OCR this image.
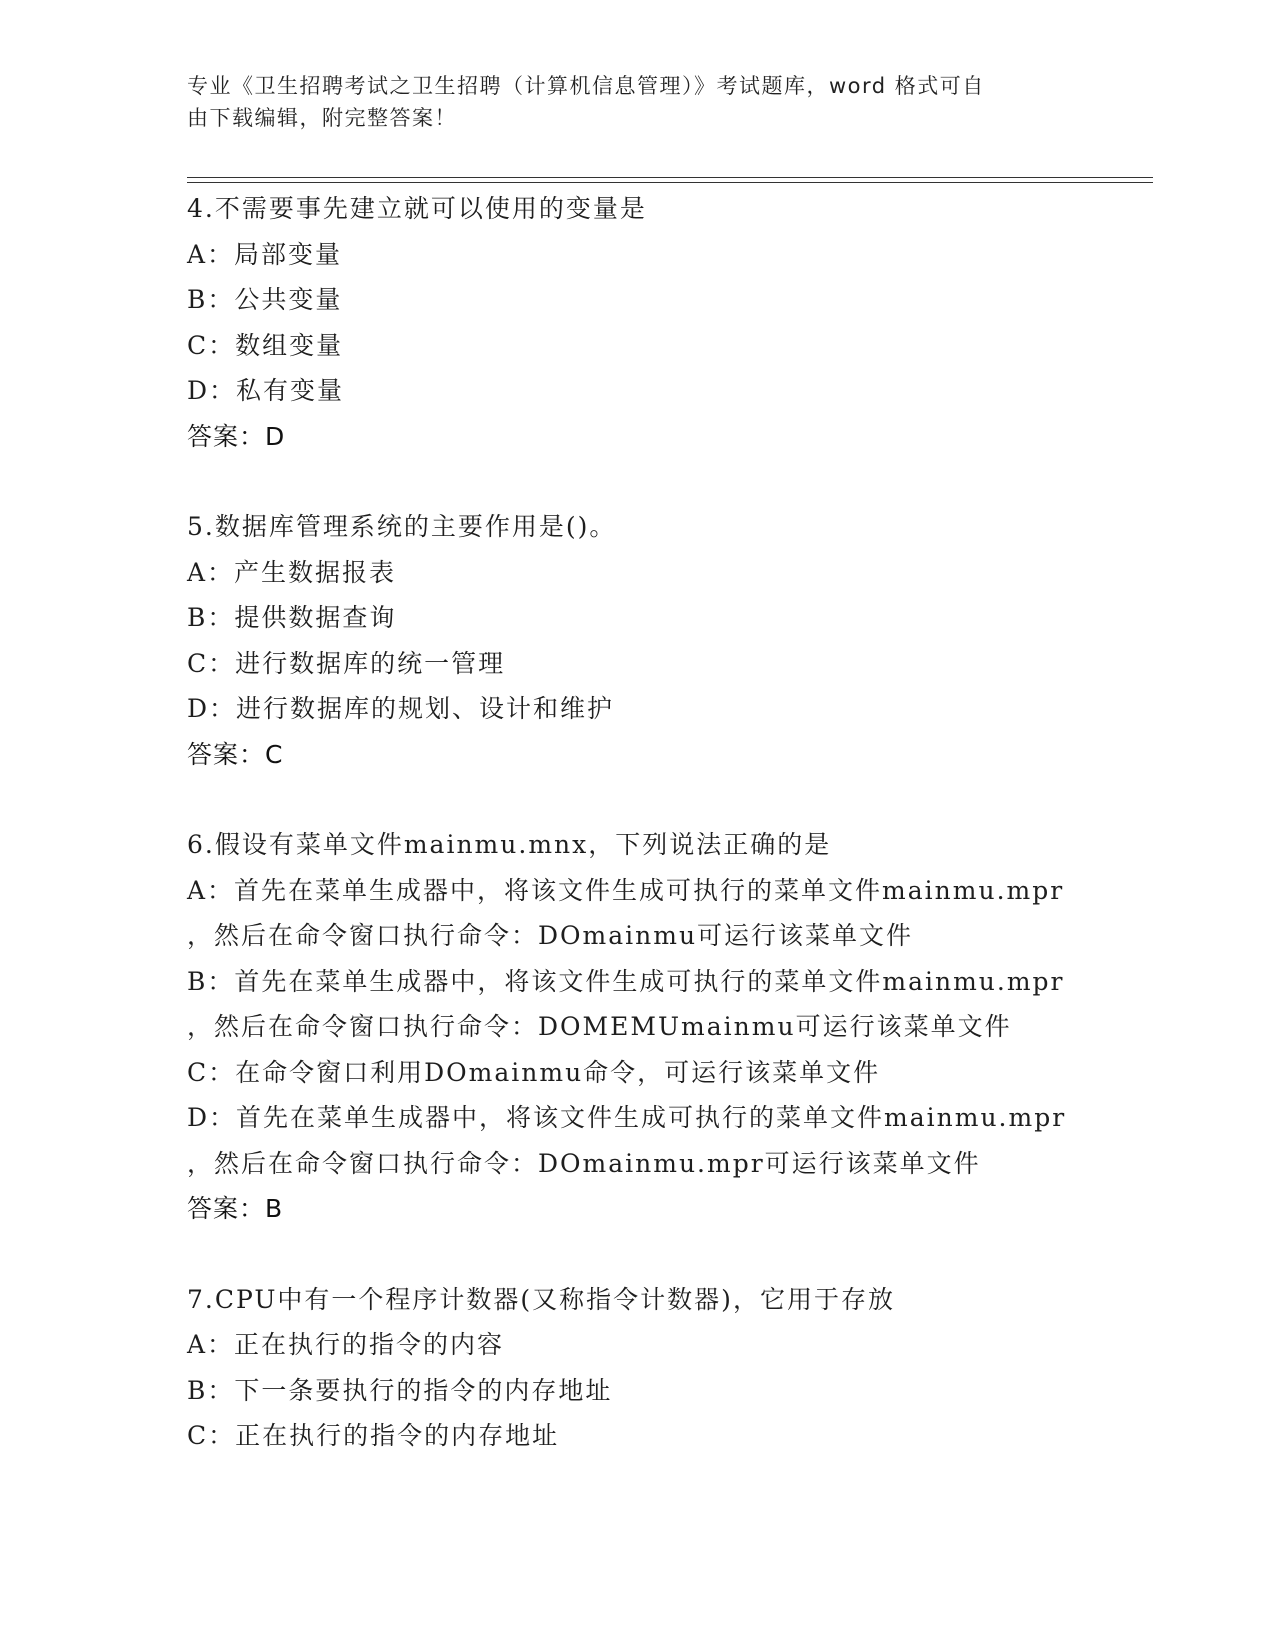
专业《卫生招聘考试之卫生招聘（计算机信息管理）》考试题库，word 格式可自
由下载编辑，附完整答案！
4.不需要事先建立就可以使用的变量是
A：局部变量
B：公共变量
C：数组变量
D：私有变量
答案：D
5.数据库管理系统的主要作用是()。
A：产生数据报表
B：提供数据查询
C：进行数据库的统一管理
D：进行数据库的规划、设计和维护
答案：C
6.假设有菜单文件mainmu.mnx，下列说法正确的是
A：首先在菜单生成器中，将该文件生成可执行的菜单文件mainmu.mpr
，然后在命令窗口执行命令：DOmainmu可运行该菜单文件
B：首先在菜单生成器中，将该文件生成可执行的菜单文件mainmu.mpr
，然后在命令窗口执行命令：DOMEMUmainmu可运行该菜单文件
C：在命令窗口利用DOmainmu命令，可运行该菜单文件
D：首先在菜单生成器中，将该文件生成可执行的菜单文件mainmu.mpr
，然后在命令窗口执行命令：DOmainmu.mpr可运行该菜单文件
答案：B
7.CPU中有一个程序计数器(又称指令计数器)，它用于存放
A：正在执行的指令的内容
B：下一条要执行的指令的内存地址
C：正在执行的指令的内存地址
